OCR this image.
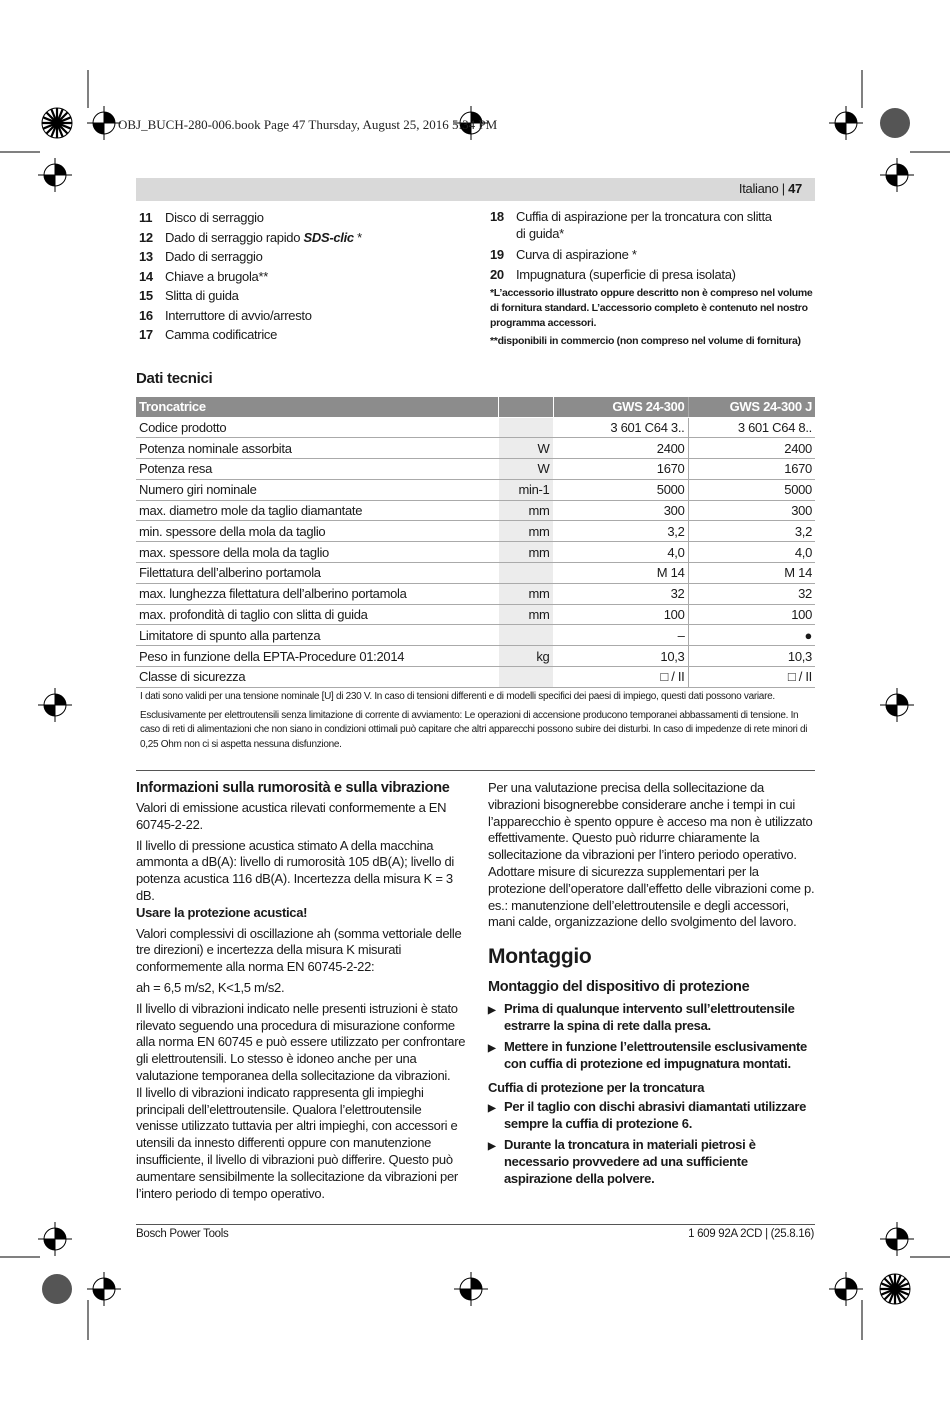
OBJ_BUCH-280-006.book Page 47 Thursday, August 25, 2016 5:34 PM
Italiano | 47
11 Disco di serraggio
12 Dado di serraggio rapido SDS-clic *
13 Dado di serraggio
14 Chiave a brugola**
15 Slitta di guida
16 Interruttore di avvio/arresto
17 Camma codificatrice
18 Cuffia di aspirazione per la troncatura con slitta di guida*
19 Curva di aspirazione *
20 Impugnatura (superficie di presa isolata)
*L’accessorio illustrato oppure descritto non è compreso nel volume di fornitura standard. L’accessorio completo è contenuto nel nostro programma accessori.
**disponibili in commercio (non compreso nel volume di fornitura)
Dati tecnici
Troncatrice		GWS 24-300	GWS 24-300 J
Codice prodotto		3 601 C64 3..	3 601 C64 8..
Potenza nominale assorbita	W	2400	2400
Potenza resa	W	1670	1670
Numero giri nominale	min-1	5000	5000
max. diametro mole da taglio diamantate	mm	300	300
min. spessore della mola da taglio	mm	3,2	3,2
max. spessore della mola da taglio	mm	4,0	4,0
Filettatura dell’alberino portamola		M 14	M 14
max. lunghezza filettatura dell’alberino portamola	mm	32	32
max. profondità di taglio con slitta di guida	mm	100	100
Limitatore di spunto alla partenza		–	●
Peso in funzione della EPTA-Procedure 01:2014	kg	10,3	10,3
Classe di sicurezza		□ / II	□ / II
I dati sono validi per una tensione nominale [U] di 230 V. In caso di tensioni differenti e di modelli specifici dei paesi di impiego, questi dati possono variare.
Esclusivamente per elettroutensili senza limitazione di corrente di avviamento: Le operazioni di accensione producono temporanei abbassamenti di tensione. In caso di reti di alimentazioni che non siano in condizioni ottimali può capitare che altri apparecchi possono subire dei disturbi. In caso di impedenze di rete minori di 0,25 Ohm non ci si aspetta nessuna disfunzione.
Informazioni sulla rumorosità e sulla vibrazione

Valori di emissione acustica rilevati conformemente a EN 60745-2-22.

Il livello di pressione acustica stimato A della macchina ammonta a dB(A): livello di rumorosità 105 dB(A); livello di potenza acustica 116 dB(A). Incertezza della misura K = 3 dB.
Usare la protezione acustica!

Valori complessivi di oscillazione ah (somma vettoriale delle tre direzioni) e incertezza della misura K misurati conformemente alla norma EN 60745-2-22:

ah = 6,5 m/s2, K<1,5 m/s2.

Il livello di vibrazioni indicato nelle presenti istruzioni è stato rilevato seguendo una procedura di misurazione conforme alla norma EN 60745 e può essere utilizzato per confrontare gli elettroutensili. Lo stesso è idoneo anche per una valutazione temporanea della sollecitazione da vibrazioni.

Il livello di vibrazioni indicato rappresenta gli impieghi principali dell’elettroutensile. Qualora l’elettroutensile venisse utilizzato tuttavia per altri impieghi, con accessori e utensili da innesto differenti oppure con manutenzione insufficiente, il livello di vibrazioni può differire. Questo può aumentare sensibilmente la sollecitazione da vibrazioni per l’intero periodo di tempo operativo.

Per una valutazione precisa della sollecitazione da vibrazioni bisognerebbe considerare anche i tempi in cui l’apparecchio è spento oppure è acceso ma non è utilizzato effettivamente. Questo può ridurre chiaramente la sollecitazione da vibrazioni per l’intero periodo operativo.

Adottare misure di sicurezza supplementari per la protezione dell’operatore dall’effetto delle vibrazioni come p. es.: manutenzione dell’elettroutensile e degli accessori, mani calde, organizzazione dello svolgimento del lavoro.

Montaggio
Montaggio del dispositivo di protezione
▶ Prima di qualunque intervento sull’elettroutensile estrarre la spina di rete dalla presa.
▶ Mettere in funzione l’elettroutensile esclusivamente con cuffia di protezione ed impugnatura montati.
Cuffia di protezione per la troncatura
▶ Per il taglio con dischi abrasivi diamantati utilizzare sempre la cuffia di protezione 6.
▶ Durante la troncatura in materiali pietrosi è necessario provvedere ad una sufficiente aspirazione della polvere.
Bosch Power Tools	1 609 92A 2CD | (25.8.16)
